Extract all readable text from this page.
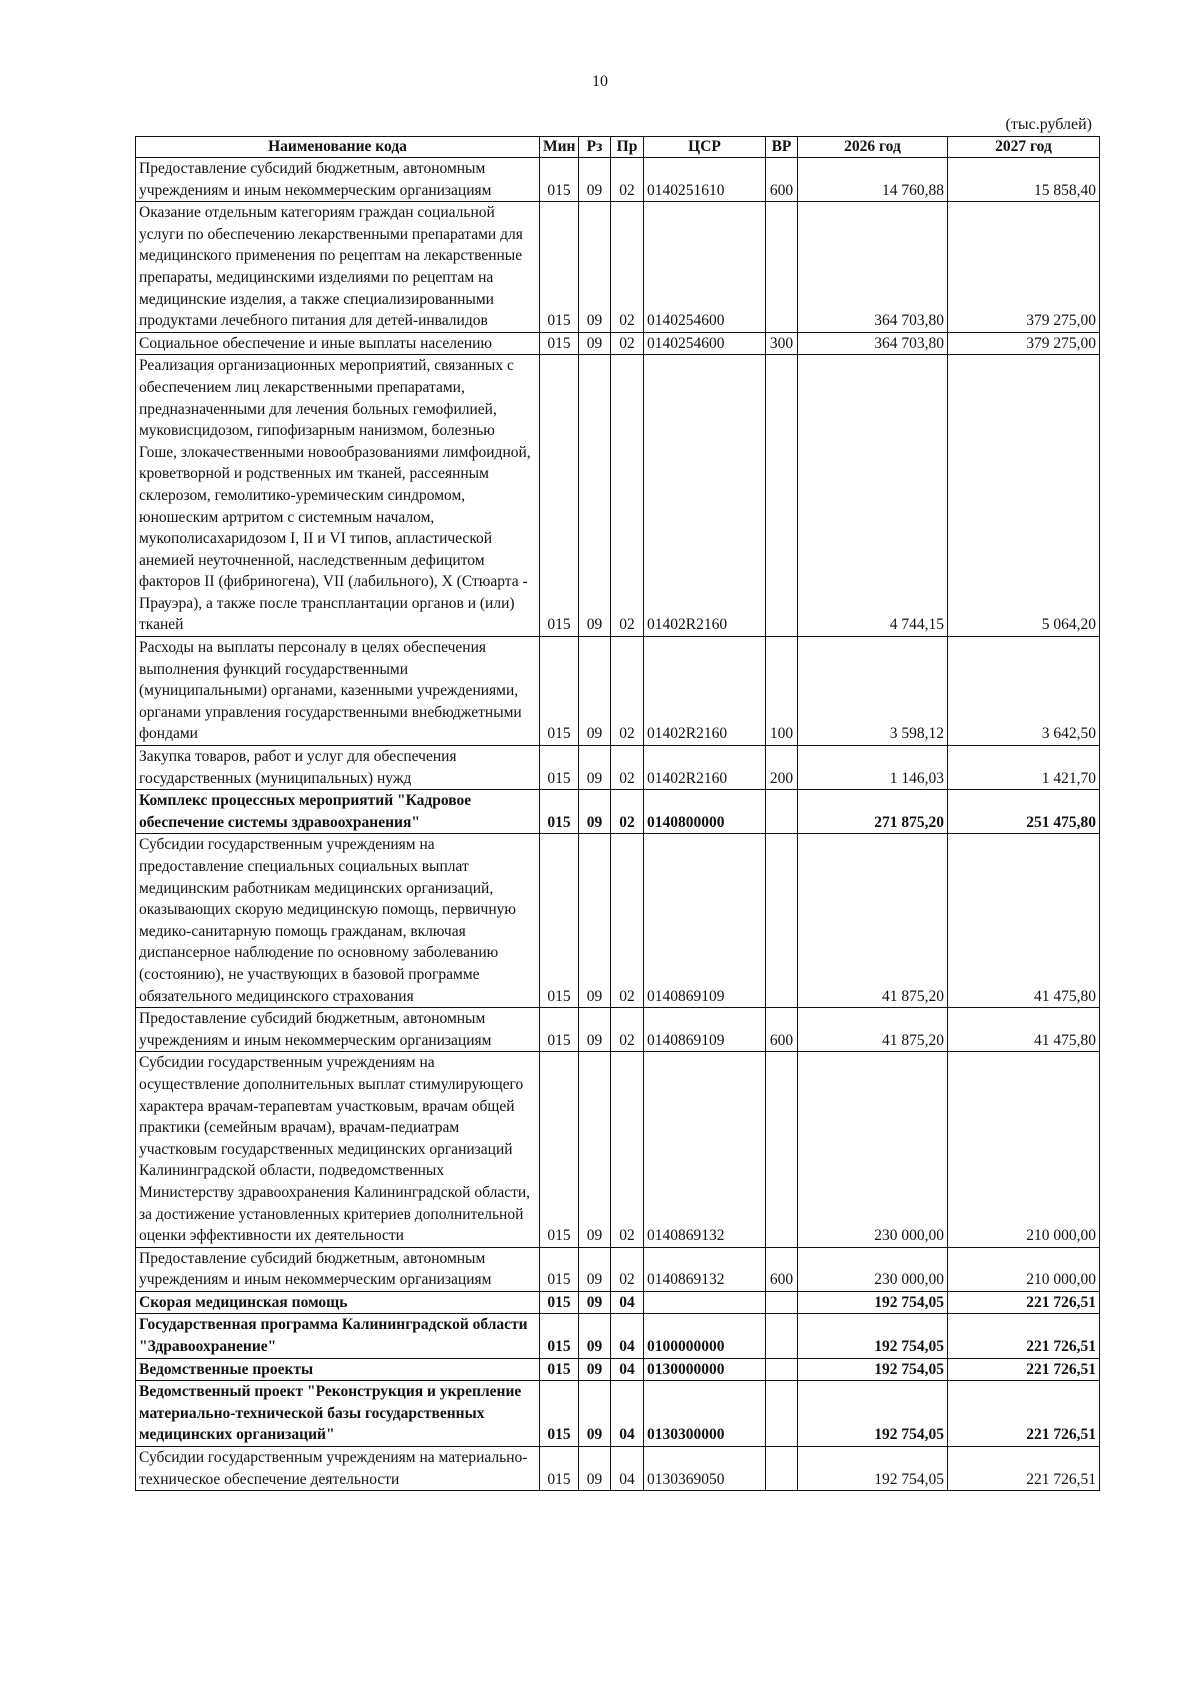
10
(тыс.рублей)
Наименование кода	Мин	Рз	Пр	ЦСР	ВР	2026 год	2027 год
Предоставление субсидий бюджетным, автономным учреждениям и иным некоммерческим организациям	015	09	02	0140251610	600	14 760,88	15 858,40
Оказание отдельным категориям граждан социальной услуги по обеспечению лекарственными препаратами для медицинского применения по рецептам на лекарственные препараты, медицинскими изделиями по рецептам на медицинские изделия, а также специализированными продуктами лечебного питания для детей-инвалидов	015	09	02	0140254600		364 703,80	379 275,00
Социальное обеспечение и иные выплаты населению	015	09	02	0140254600	300	364 703,80	379 275,00
Реализация организационных мероприятий, связанных с обеспечением лиц лекарственными препаратами, предназначенными для лечения больных гемофилией, муковисцидозом, гипофизарным нанизмом, болезнью Гоше, злокачественными новообразованиями лимфоидной, кроветворной и родственных им тканей, рассеянным склерозом, гемолитико-уремическим синдромом, юношеским артритом с системным началом, мукополисахаридозом I, II и VI типов, апластической анемией неуточненной, наследственным дефицитом факторов II (фибриногена), VII (лабильного), X (Стюарта - Прауэра), а также после трансплантации органов и (или) тканей	015	09	02	01402R2160		4 744,15	5 064,20
Расходы на выплаты персоналу в целях обеспечения выполнения функций государственными (муниципальными) органами, казенными учреждениями, органами управления государственными внебюджетными фондами	015	09	02	01402R2160	100	3 598,12	3 642,50
Закупка товаров, работ и услуг для обеспечения государственных (муниципальных) нужд	015	09	02	01402R2160	200	1 146,03	1 421,70
Комплекс процессных мероприятий "Кадровое обеспечение системы здравоохранения"	015	09	02	0140800000		271 875,20	251 475,80
Субсидии государственным учреждениям на предоставление специальных социальных выплат медицинским работникам медицинских организаций, оказывающих скорую медицинскую помощь, первичную медико-санитарную помощь гражданам, включая диспансерное наблюдение по основному заболеванию (состоянию), не участвующих в базовой программе обязательного медицинского страхования	015	09	02	0140869109		41 875,20	41 475,80
Предоставление субсидий бюджетным, автономным учреждениям и иным некоммерческим организациям	015	09	02	0140869109	600	41 875,20	41 475,80
Субсидии государственным учреждениям на осуществление дополнительных выплат стимулирующего характера врачам-терапевтам участковым, врачам общей практики (семейным врачам), врачам-педиатрам участковым государственных медицинских организаций Калининградской области, подведомственных Министерству здравоохранения Калининградской области, за достижение установленных критериев дополнительной оценки эффективности их деятельности	015	09	02	0140869132		230 000,00	210 000,00
Предоставление субсидий бюджетным, автономным учреждениям и иным некоммерческим организациям	015	09	02	0140869132	600	230 000,00	210 000,00
Скорая медицинская помощь	015	09	04			192 754,05	221 726,51
Государственная программа Калининградской области "Здравоохранение"	015	09	04	0100000000		192 754,05	221 726,51
Ведомственные проекты	015	09	04	0130000000		192 754,05	221 726,51
Ведомственный проект "Реконструкция и укрепление материально-технической базы государственных медицинских организаций"	015	09	04	0130300000		192 754,05	221 726,51
Субсидии государственным учреждениям на материально-техническое обеспечение деятельности	015	09	04	0130369050		192 754,05	221 726,51
